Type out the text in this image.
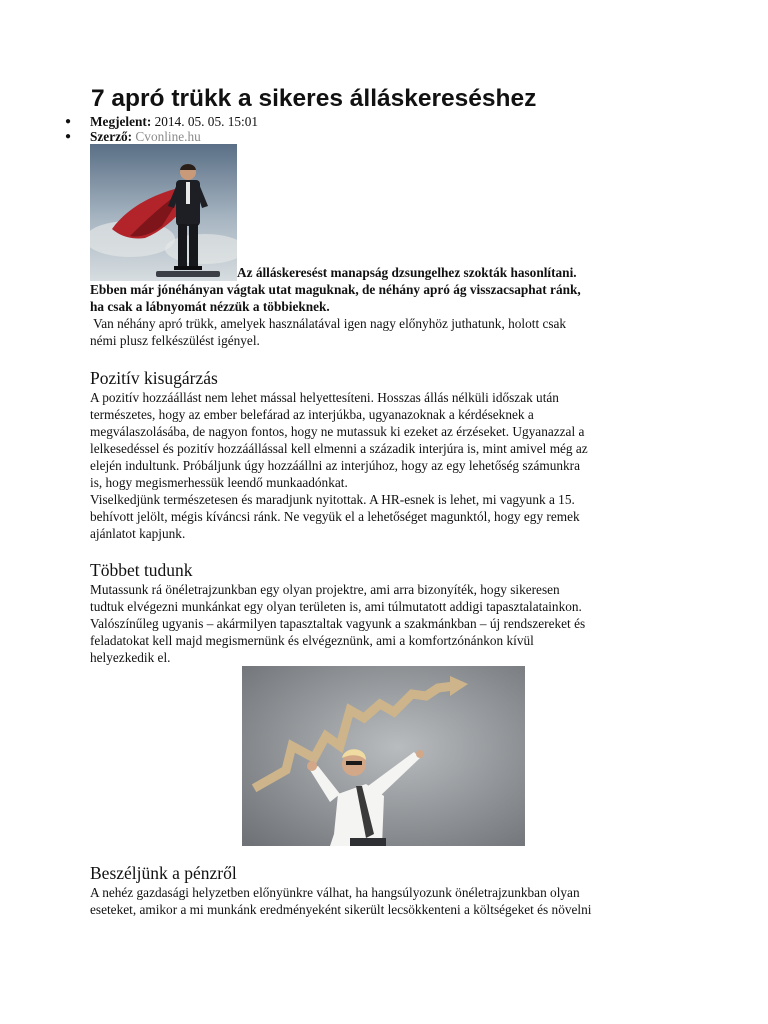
7 apró trükk a sikeres álláskereséshez
● Megjelent: 2014. 05. 05. 15:01
● Szerző: Cvonline.hu
Az álláskeresést manapság dzsungelhez szokták hasonlítani.
Ebben már jónéhányan vágtak utat maguknak, de néhány apró ág visszacsaphat ránk,
ha csak a lábnyomát nézzük a többieknek.
Van néhány apró trükk, amelyek használatával igen nagy előnyhöz juthatunk, holott csak
némi plusz felkészülést igényel.
Pozitív kisugárzás

A pozitív hozzáállást nem lehet mással helyettesíteni. Hosszas állás nélküli időszak után
természetes, hogy az ember belefárad az interjúkba, ugyanazoknak a kérdéseknek a
megválaszolásába, de nagyon fontos, hogy ne mutassuk ki ezeket az érzéseket. Ugyanazzal a
lelkesedéssel és pozitív hozzáállással kell elmenni a századik interjúra is, mint amivel még az
elején indultunk. Próbáljunk úgy hozzáállni az interjúhoz, hogy az egy lehetőség számunkra
is, hogy megismerhessük leendő munkaadónkat.
Viselkedjünk természetesen és maradjunk nyitottak. A HR-esnek is lehet, mi vagyunk a 15.
behívott jelölt, mégis kíváncsi ránk. Ne vegyük el a lehetőséget magunktól, hogy egy remek
ajánlatot kapjunk.

Többet tudunk

Mutassunk rá önéletrajzunkban egy olyan projektre, ami arra bizonyíték, hogy sikeresen
tudtuk elvégezni munkánkat egy olyan területen is, ami túlmutatott addigi tapasztalatainkon.
Valószínűleg ugyanis – akármilyen tapasztaltak vagyunk a szakmánkban – új rendszereket és
feladatokat kell majd megismernünk és elvégeznünk, ami a komfortzónánkon kívül
helyezkedik el.

Beszéljünk a pénzről

A nehéz gazdasági helyzetben előnyünkre válhat, ha hangsúlyozunk önéletrajzunkban olyan
eseteket, amikor a mi munkánk eredményeként sikerült lecsökkenteni a költségeket és növelni
